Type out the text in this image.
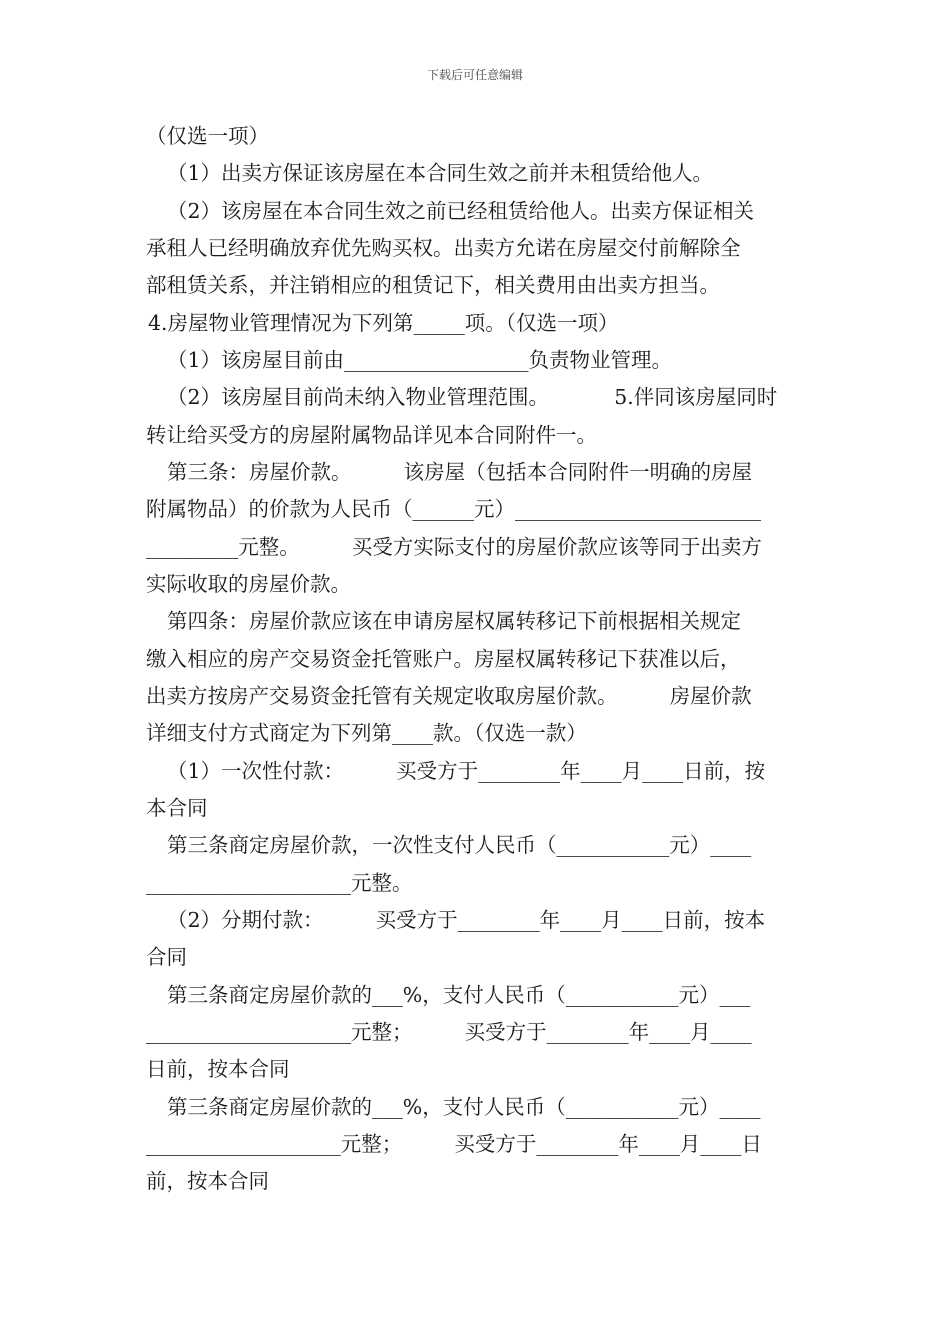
下载后可任意编辑
（仅选一项）
（1）出卖方保证该房屋在本合同生效之前并未租赁给他人。
（2）该房屋在本合同生效之前已经租赁给他人。出卖方保证相关
承租人已经明确放弃优先购买权。出卖方允诺在房屋交付前解除全
部租赁关系，并注销相应的租赁记下，相关费用由出卖方担当。
4.房屋物业管理情况为下列第_____项。（仅选一项）
（1）该房屋目前由__________________负责物业管理。
（2）该房屋目前尚未纳入物业管理范围。          5.伴同该房屋同时
转让给买受方的房屋附属物品详见本合同附件一。
第三条：房屋价款。        该房屋（包括本合同附件一明确的房屋
附属物品）的价款为人民币（______元）________________________
_________元整。        买受方实际支付的房屋价款应该等同于出卖方
实际收取的房屋价款。
第四条：房屋价款应该在申请房屋权属转移记下前根据相关规定
缴入相应的房产交易资金托管账户。房屋权属转移记下获准以后，
出卖方按房产交易资金托管有关规定收取房屋价款。        房屋价款
详细支付方式商定为下列第____款。（仅选一款）
（1）一次性付款：        买受方于________年____月____日前，按
本合同
第三条商定房屋价款，一次性支付人民币（___________元）____
____________________元整。
（2）分期付款：        买受方于________年____月____日前，按本
合同
第三条商定房屋价款的___%，支付人民币（___________元）___
____________________元整；        买受方于________年____月____
日前，按本合同
第三条商定房屋价款的___%，支付人民币（___________元）____
___________________元整；        买受方于________年____月____日
前，按本合同
